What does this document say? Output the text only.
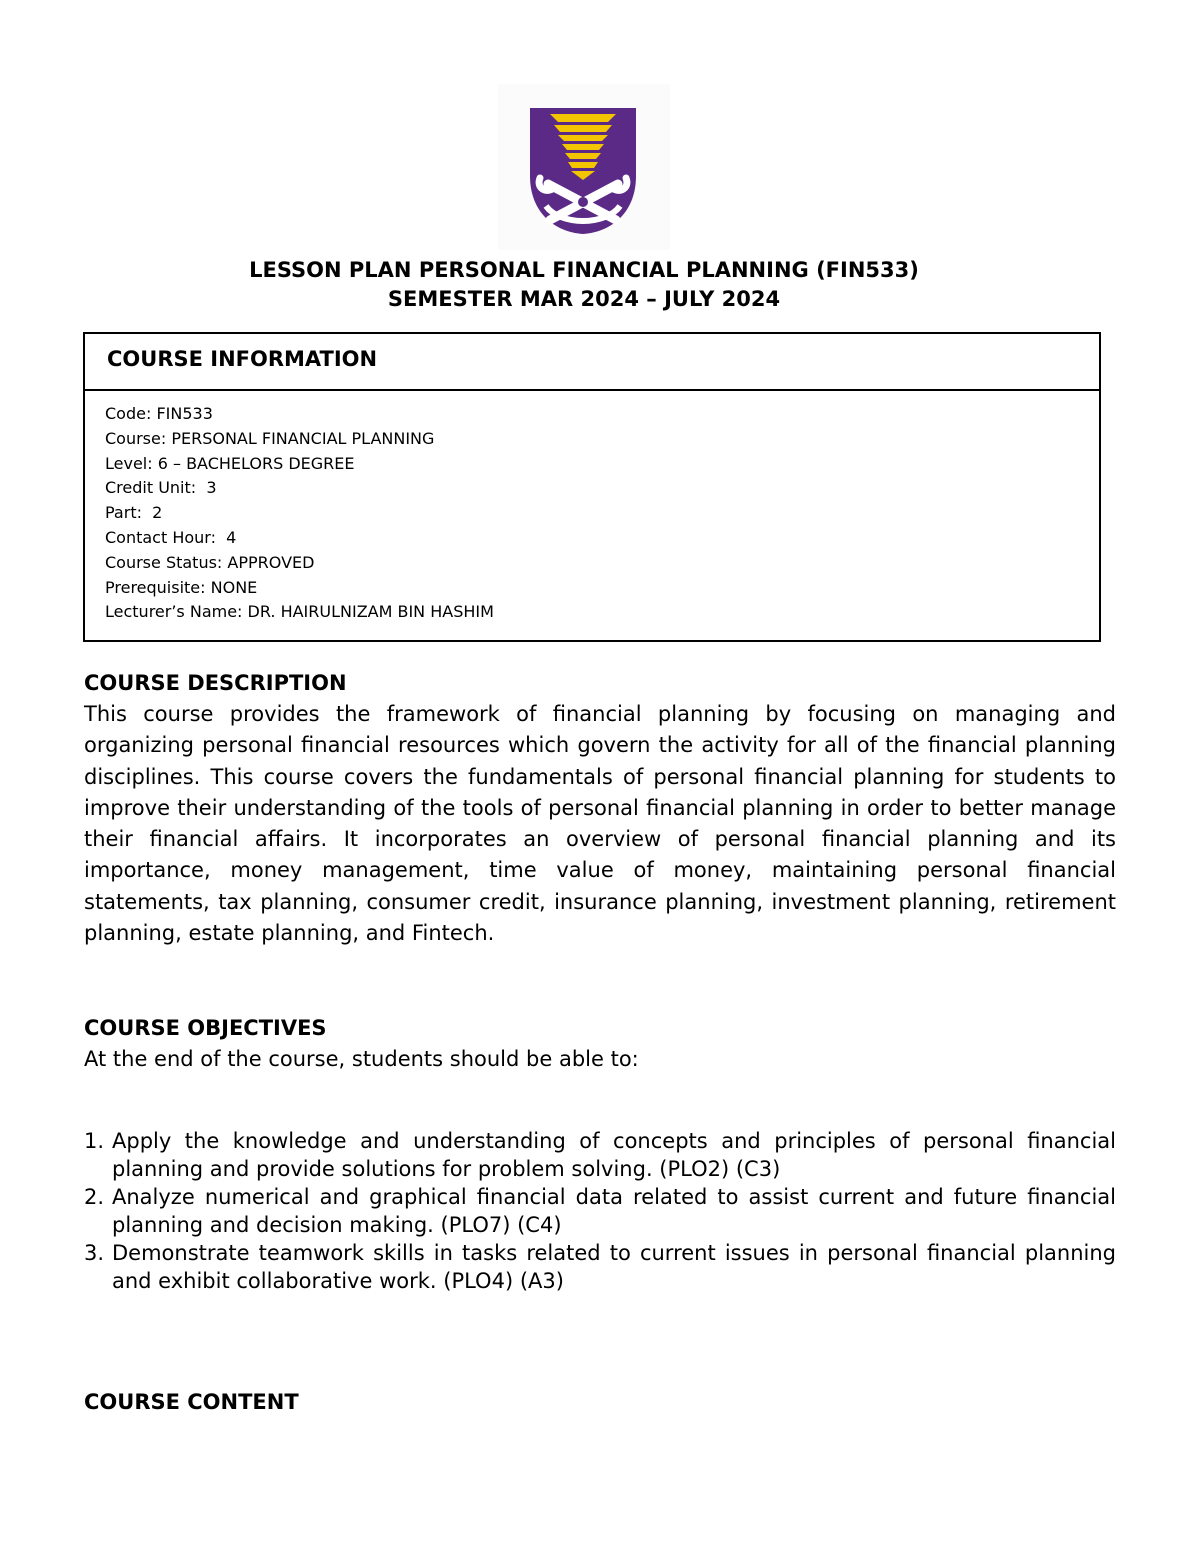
LESSON PLAN PERSONAL FINANCIAL PLANNING (FIN533)
SEMESTER MAR 2024 – JULY 2024
COURSE INFORMATION
Code: FIN533
Course: PERSONAL FINANCIAL PLANNING
Level: 6 – BACHELORS DEGREE
Credit Unit:  3
Part:  2
Contact Hour:  4
Course Status: APPROVED
Prerequisite: NONE
Lecturer’s Name: DR. HAIRULNIZAM BIN HASHIM
COURSE DESCRIPTION
This course provides the framework of financial planning by focusing on managing and organizing personal financial resources which govern the activity for all of the financial planning disciplines. This course covers the fundamentals of personal financial planning for students to improve their understanding of the tools of personal financial planning in order to better manage their financial affairs. It incorporates an overview of personal financial planning and its importance, money management, time value of money, maintaining personal financial statements, tax planning, consumer credit, insurance planning, investment planning, retirement planning, estate planning, and Fintech.
COURSE OBJECTIVES
At the end of the course, students should be able to:
1. Apply the knowledge and understanding of concepts and principles of personal financial planning and provide solutions for problem solving. (PLO2) (C3)
2. Analyze numerical and graphical financial data related to assist current and future financial planning and decision making. (PLO7) (C4)
3. Demonstrate teamwork skills in tasks related to current issues in personal financial planning and exhibit collaborative work. (PLO4) (A3)
COURSE CONTENT
